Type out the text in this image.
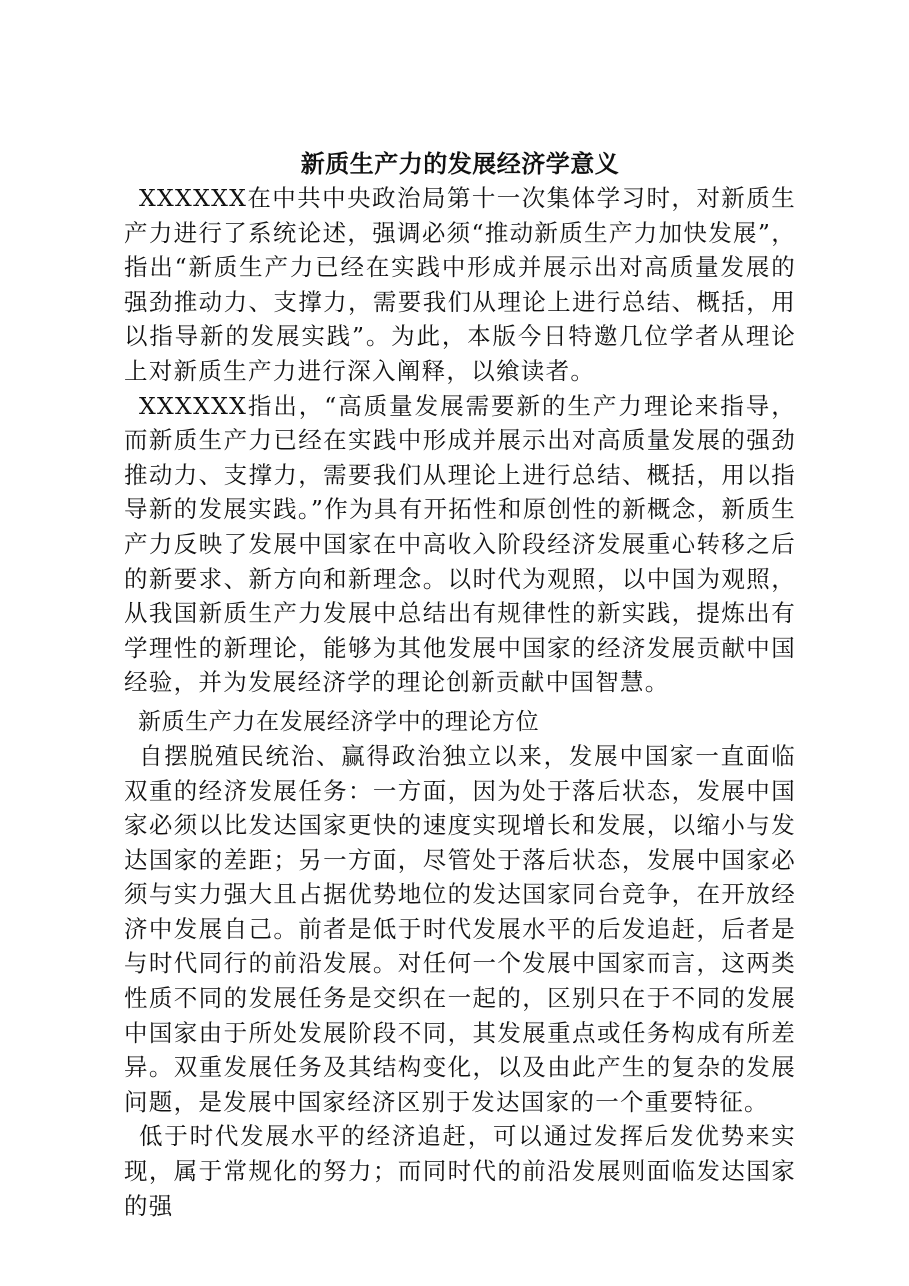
新质生产力的发展经济学意义

XXXXXX在中共中央政治局第十一次集体学习时，对新质生产力进行了系统论述，强调必须“推动新质生产力加快发展”，指出“新质生产力已经在实践中形成并展示出对高质量发展的强劲推动力、支撑力，需要我们从理论上进行总结、概括，用以指导新的发展实践”。为此，本版今日特邀几位学者从理论上对新质生产力进行深入阐释，以飨读者。

XXXXXX指出，“高质量发展需要新的生产力理论来指导，而新质生产力已经在实践中形成并展示出对高质量发展的强劲推动力、支撑力，需要我们从理论上进行总结、概括，用以指导新的发展实践。”作为具有开拓性和原创性的新概念，新质生产力反映了发展中国家在中高收入阶段经济发展重心转移之后的新要求、新方向和新理念。以时代为观照，以中国为观照，从我国新质生产力发展中总结出有规律性的新实践，提炼出有学理性的新理论，能够为其他发展中国家的经济发展贡献中国经验，并为发展经济学的理论创新贡献中国智慧。

新质生产力在发展经济学中的理论方位

自摆脱殖民统治、赢得政治独立以来，发展中国家一直面临双重的经济发展任务：一方面，因为处于落后状态，发展中国家必须以比发达国家更快的速度实现增长和发展，以缩小与发达国家的差距；另一方面，尽管处于落后状态，发展中国家必须与实力强大且占据优势地位的发达国家同台竞争，在开放经济中发展自己。前者是低于时代发展水平的后发追赶，后者是与时代同行的前沿发展。对任何一个发展中国家而言，这两类性质不同的发展任务是交织在一起的，区别只在于不同的发展中国家由于所处发展阶段不同，其发展重点或任务构成有所差异。双重发展任务及其结构变化，以及由此产生的复杂的发展问题，是发展中国家经济区别于发达国家的一个重要特征。

低于时代发展水平的经济追赶，可以通过发挥后发优势来实现，属于常规化的努力；而同时代的前沿发展则面临发达国家的强
